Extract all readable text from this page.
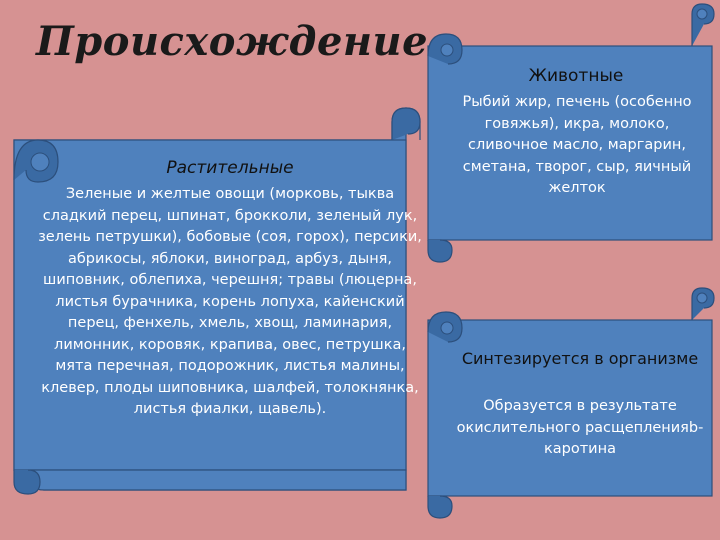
Происхождение
Растительные
Зеленые и желтые овощи (морковь, тыква сладкий перец, шпинат, брокколи, зеленый лук, зелень петрушки), бобовые (соя, горох), персики, абрикосы, яблоки, виноград, арбуз, дыня, шиповник, облепиха, черешня; травы (люцерна, листья бурачника, корень лопуха, кайенский перец, фенхель, хмель, хвощ, ламинария, лимонник, коровяк, крапива, овес, петрушка, мята перечная, подорожник, листья малины, клевер, плоды шиповника, шалфей, толокнянка, листья фиалки, щавель).
Животные
Рыбий жир, печень (особенно говяжья), икра, молоко, сливочное масло, маргарин, сметана, творог, сыр, яичный желток
Синтезируется в организме
Образуется в результате окислительного расщепленияb-каротина
